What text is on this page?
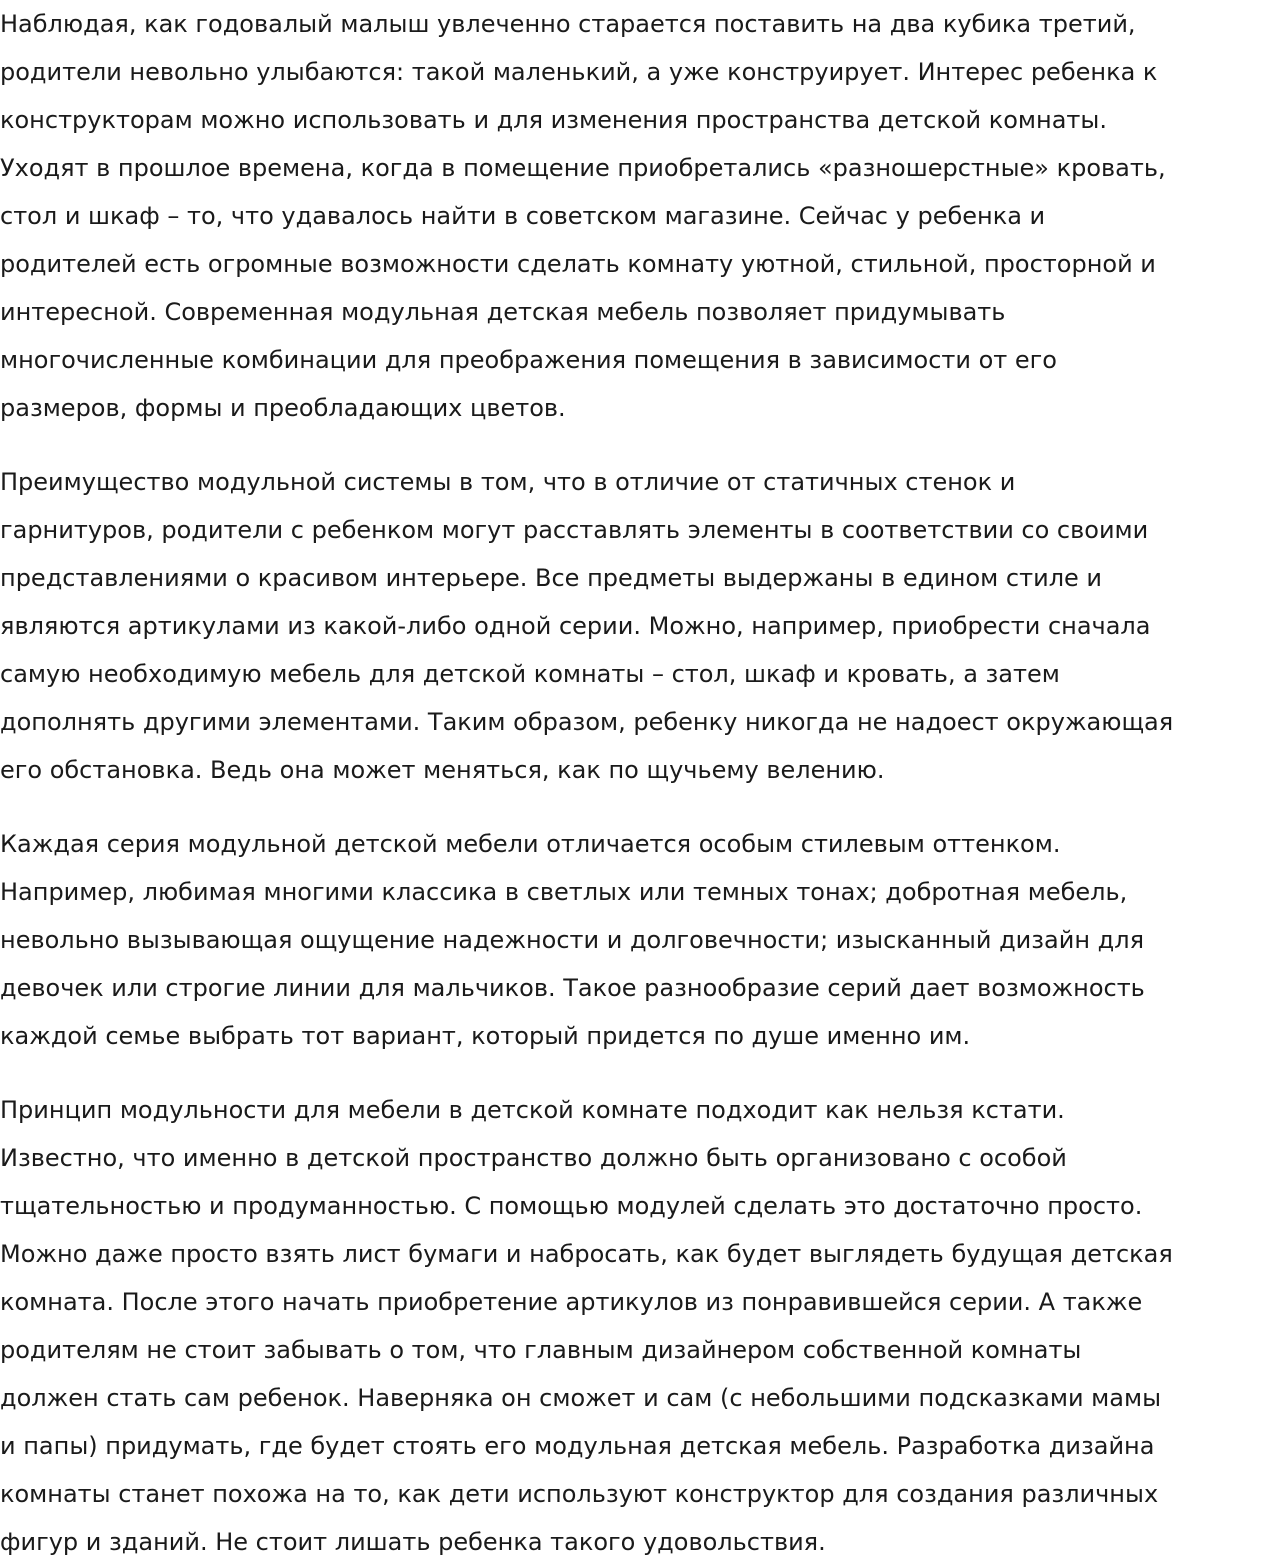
Наблюдая, как годовалый малыш увлеченно старается поставить на два кубика третий,
родители невольно улыбаются: такой маленький, а уже конструирует. Интерес ребенка к
конструкторам можно использовать и для изменения пространства детской комнаты.
Уходят в прошлое времена, когда в помещение приобретались «разношерстные» кровать,
стол и шкаф – то, что удавалось найти в советском магазине. Сейчас у ребенка и
родителей есть огромные возможности сделать комнату уютной, стильной, просторной и
интересной. Современная модульная детская мебель позволяет придумывать
многочисленные комбинации для преображения помещения в зависимости от его
размеров, формы и преобладающих цветов.

Преимущество модульной системы в том, что в отличие от статичных стенок и
гарнитуров, родители с ребенком могут расставлять элементы в соответствии со своими
представлениями о красивом интерьере. Все предметы выдержаны в едином стиле и
являются артикулами из какой-либо одной серии. Можно, например, приобрести сначала
самую необходимую мебель для детской комнаты – стол, шкаф и кровать, а затем
дополнять другими элементами. Таким образом, ребенку никогда не надоест окружающая
его обстановка. Ведь она может меняться, как по щучьему велению.

Каждая серия модульной детской мебели отличается особым стилевым оттенком.
Например, любимая многими классика в светлых или темных тонах; добротная мебель,
невольно вызывающая ощущение надежности и долговечности; изысканный дизайн для
девочек или строгие линии для мальчиков. Такое разнообразие серий дает возможность
каждой семье выбрать тот вариант, который придется по душе именно им.

Принцип модульности для мебели в детской комнате подходит как нельзя кстати.
Известно, что именно в детской пространство должно быть организовано с особой
тщательностью и продуманностью. С помощью модулей сделать это достаточно просто.
Можно даже просто взять лист бумаги и набросать, как будет выглядеть будущая детская
комната. После этого начать приобретение артикулов из понравившейся серии. А также
родителям не стоит забывать о том, что главным дизайнером собственной комнаты
должен стать сам ребенок. Наверняка он сможет и сам (с небольшими подсказками мамы
и папы) придумать, где будет стоять его модульная детская мебель. Разработка дизайна
комнаты станет похожа на то, как дети используют конструктор для создания различных
фигур и зданий. Не стоит лишать ребенка такого удовольствия.
